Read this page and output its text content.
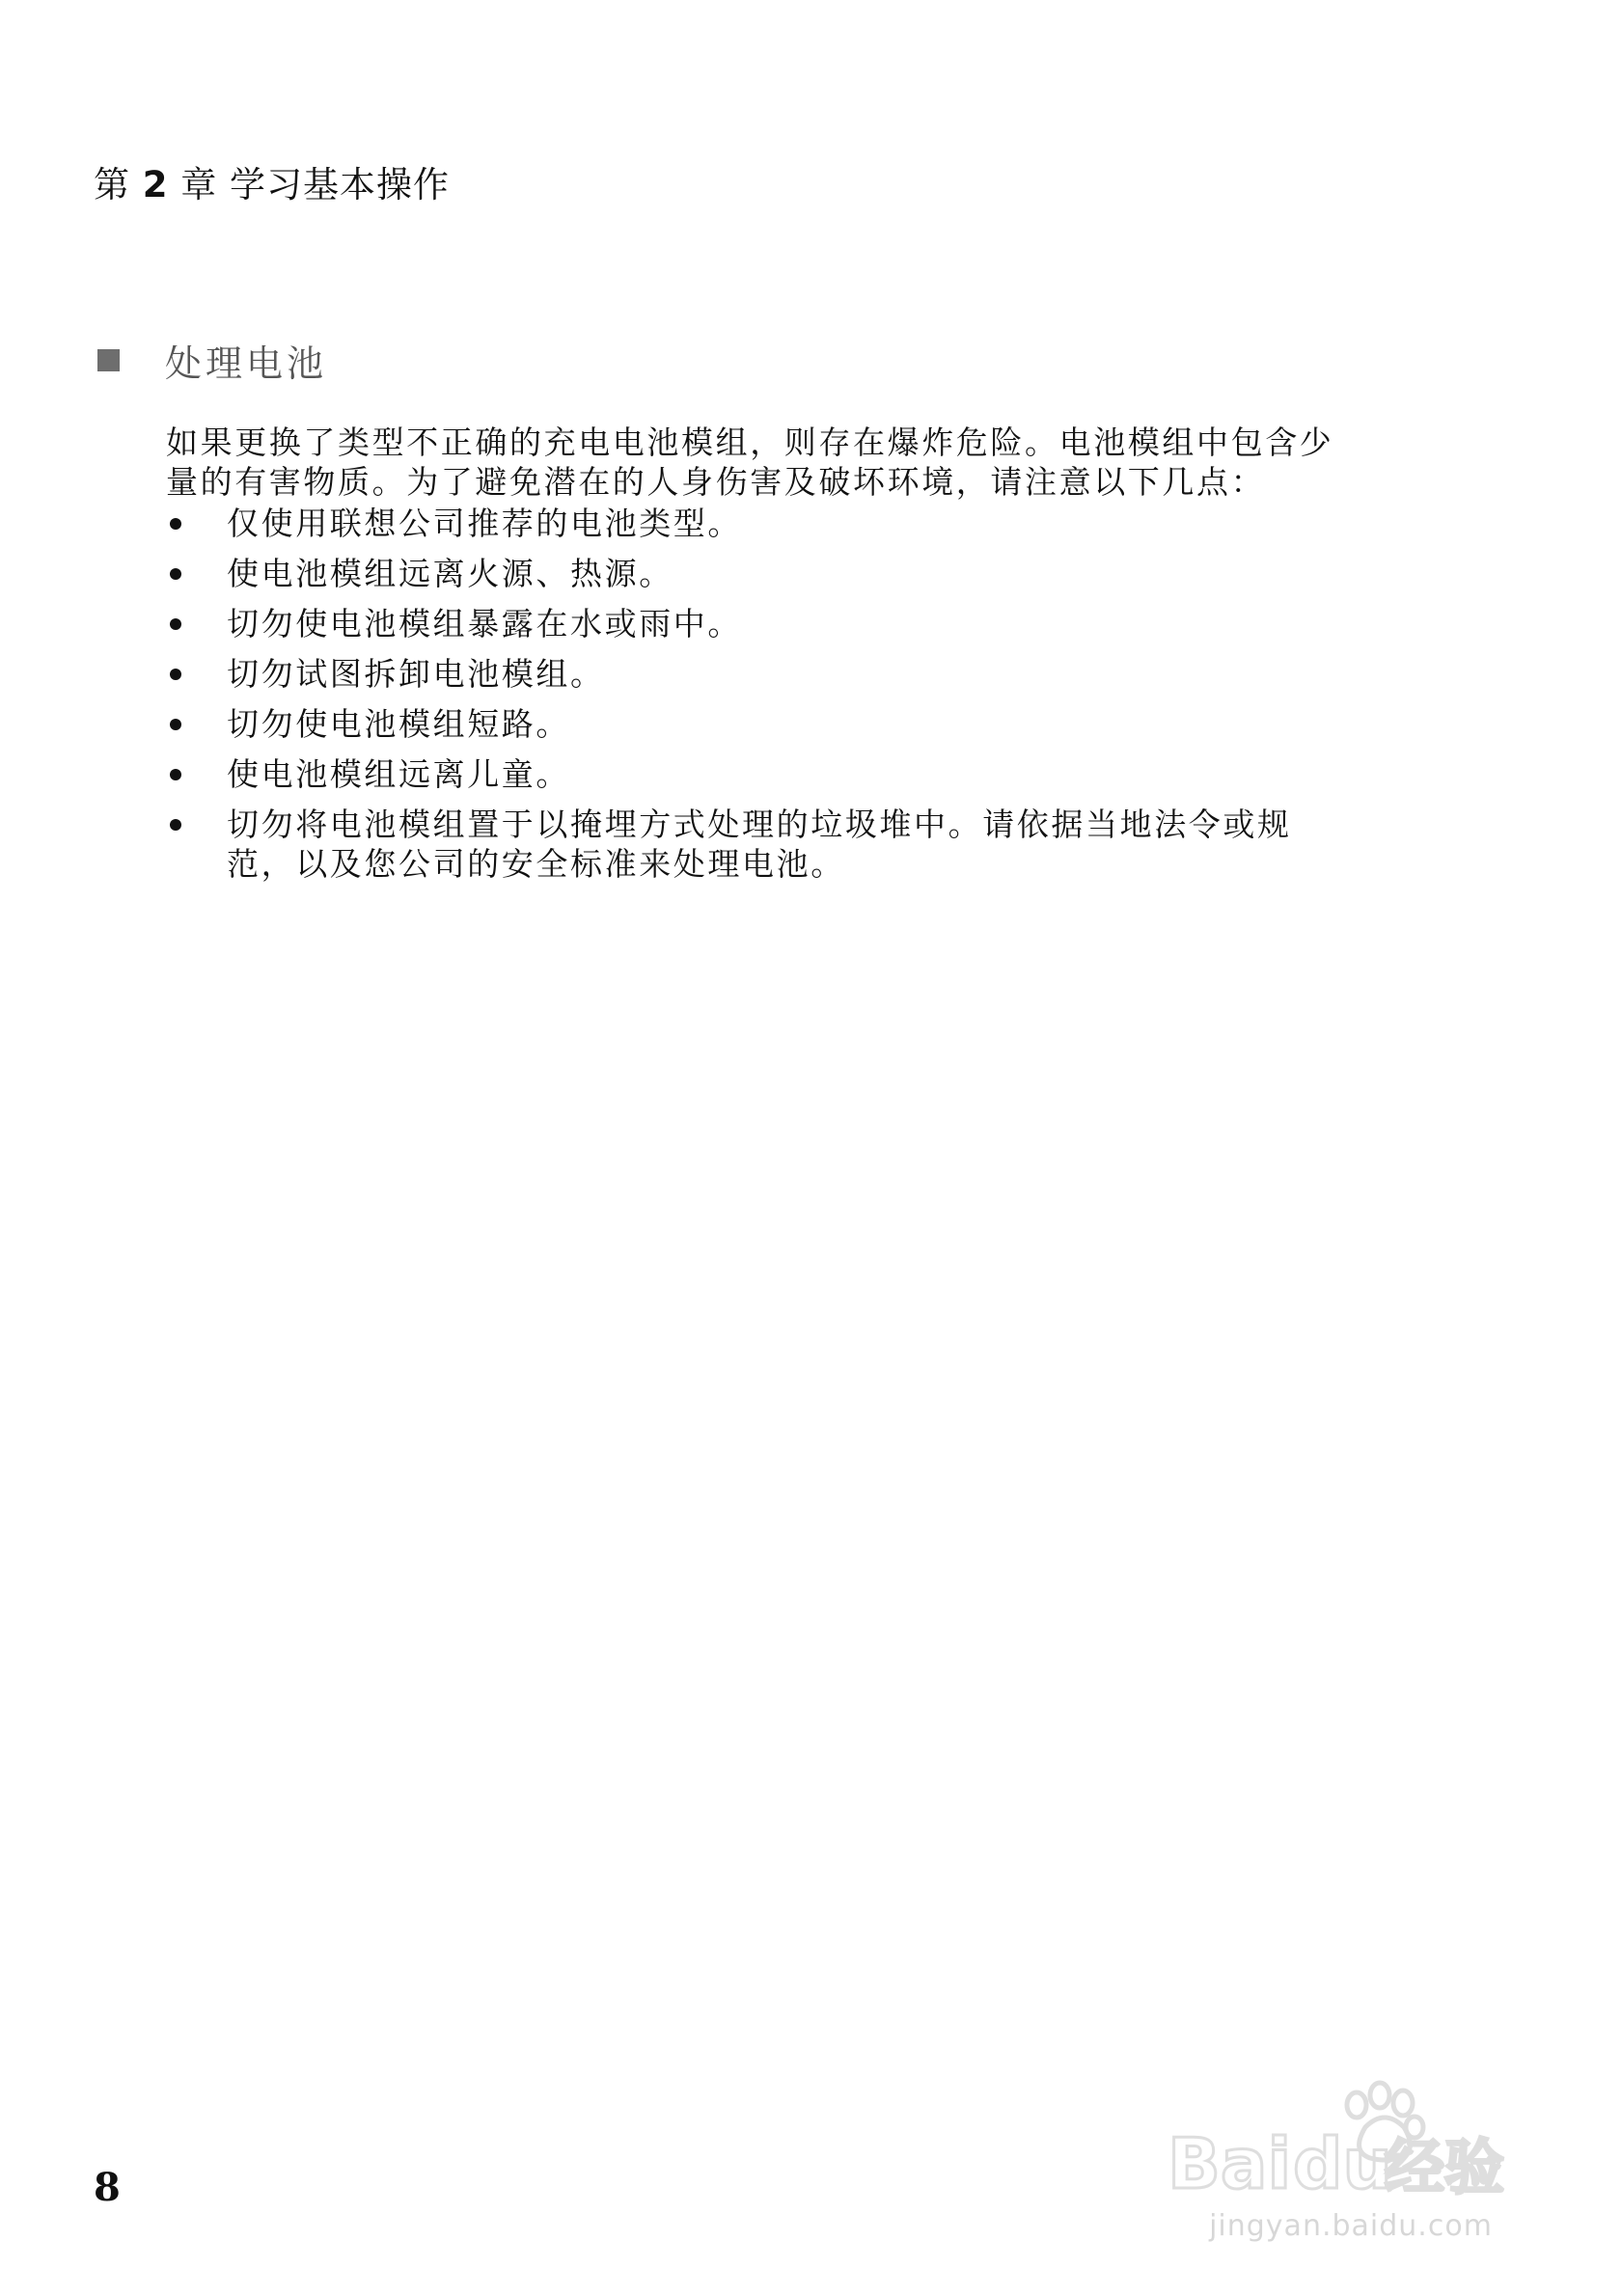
第 2 章 学习基本操作
处理电池

如果更换了类型不正确的充电电池模组，则存在爆炸危险。电池模组中包含少
量的有害物质。为了避免潜在的人身伤害及破坏环境，请注意以下几点：

仅使用联想公司推荐的电池类型。
使电池模组远离火源、热源。
切勿使电池模组暴露在水或雨中。
切勿试图拆卸电池模组。
切勿使电池模组短路。
使电池模组远离儿童。
切勿将电池模组置于以掩埋方式处理的垃圾堆中。请依据当地法令或规
范，以及您公司的安全标准来处理电池。
8	Bai du
经验
jingyan.baidu.com
